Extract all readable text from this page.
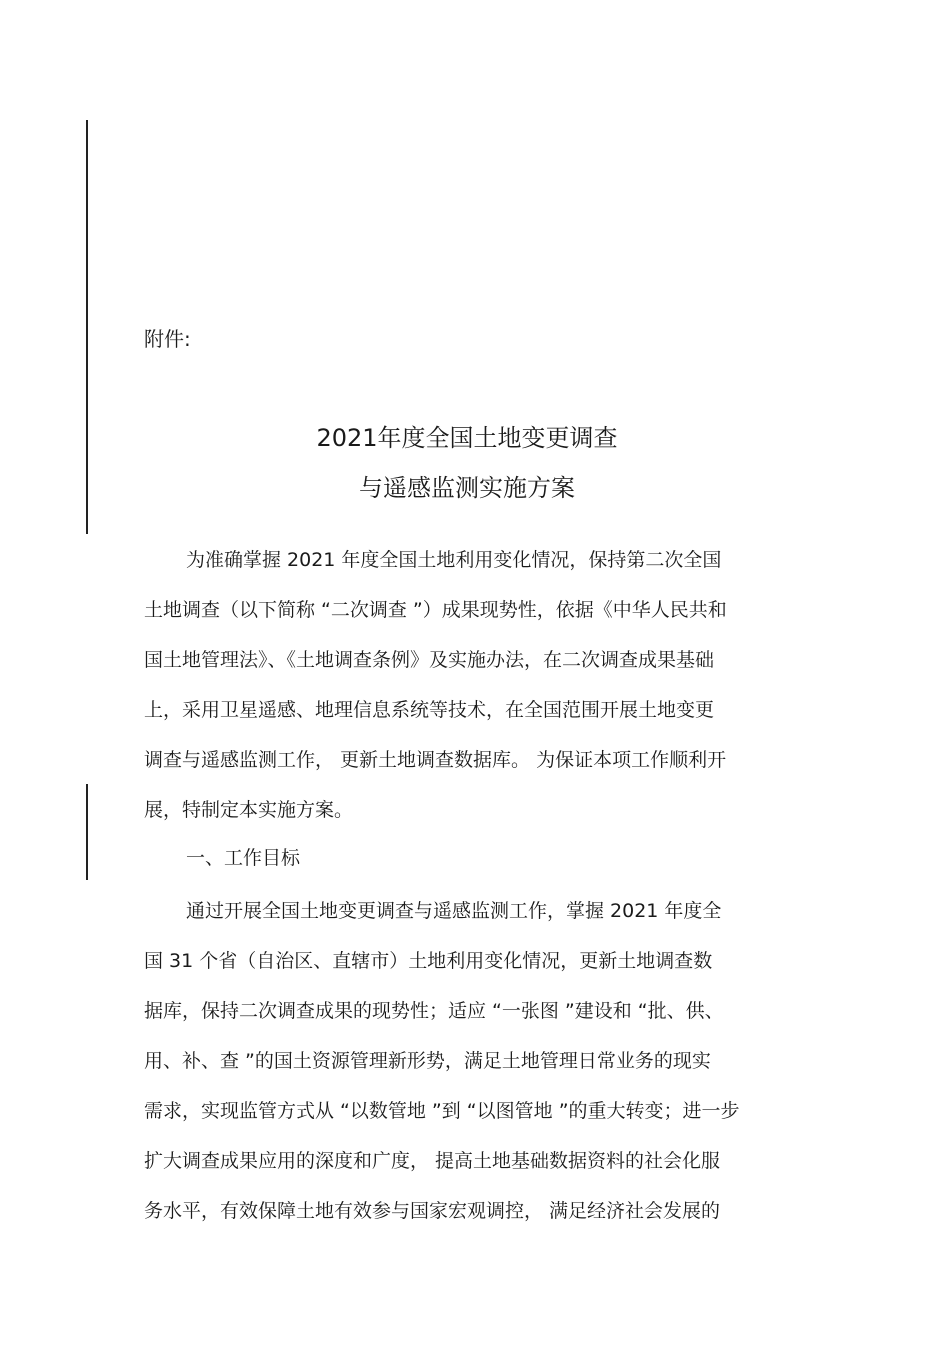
附件:
2021年度全国土地变更调查
与遥感监测实施方案
为准确掌握 2021 年度全国土地利用变化情况，保持第二次全国
土地调查（以下简称 “二次调查 ”）成果现势性，依据《中华人民共和
国土地管理法》、《土地调查条例》及实施办法，在二次调查成果基础
上，采用卫星遥感、地理信息系统等技术，在全国范围开展土地变更
调查与遥感监测工作， 更新土地调查数据库。 为保证本项工作顺利开
展，特制定本实施方案。
一、工作目标
通过开展全国土地变更调查与遥感监测工作，掌握 2021 年度全
国 31 个省（自治区、直辖市）土地利用变化情况，更新土地调查数
据库，保持二次调查成果的现势性；适应 “一张图 ”建设和 “批、供、
用、补、查 ”的国土资源管理新形势，满足土地管理日常业务的现实
需求，实现监管方式从 “以数管地 ”到 “以图管地 ”的重大转变；进一步
扩大调查成果应用的深度和广度， 提高土地基础数据资料的社会化服
务水平，有效保障土地有效参与国家宏观调控， 满足经济社会发展的
